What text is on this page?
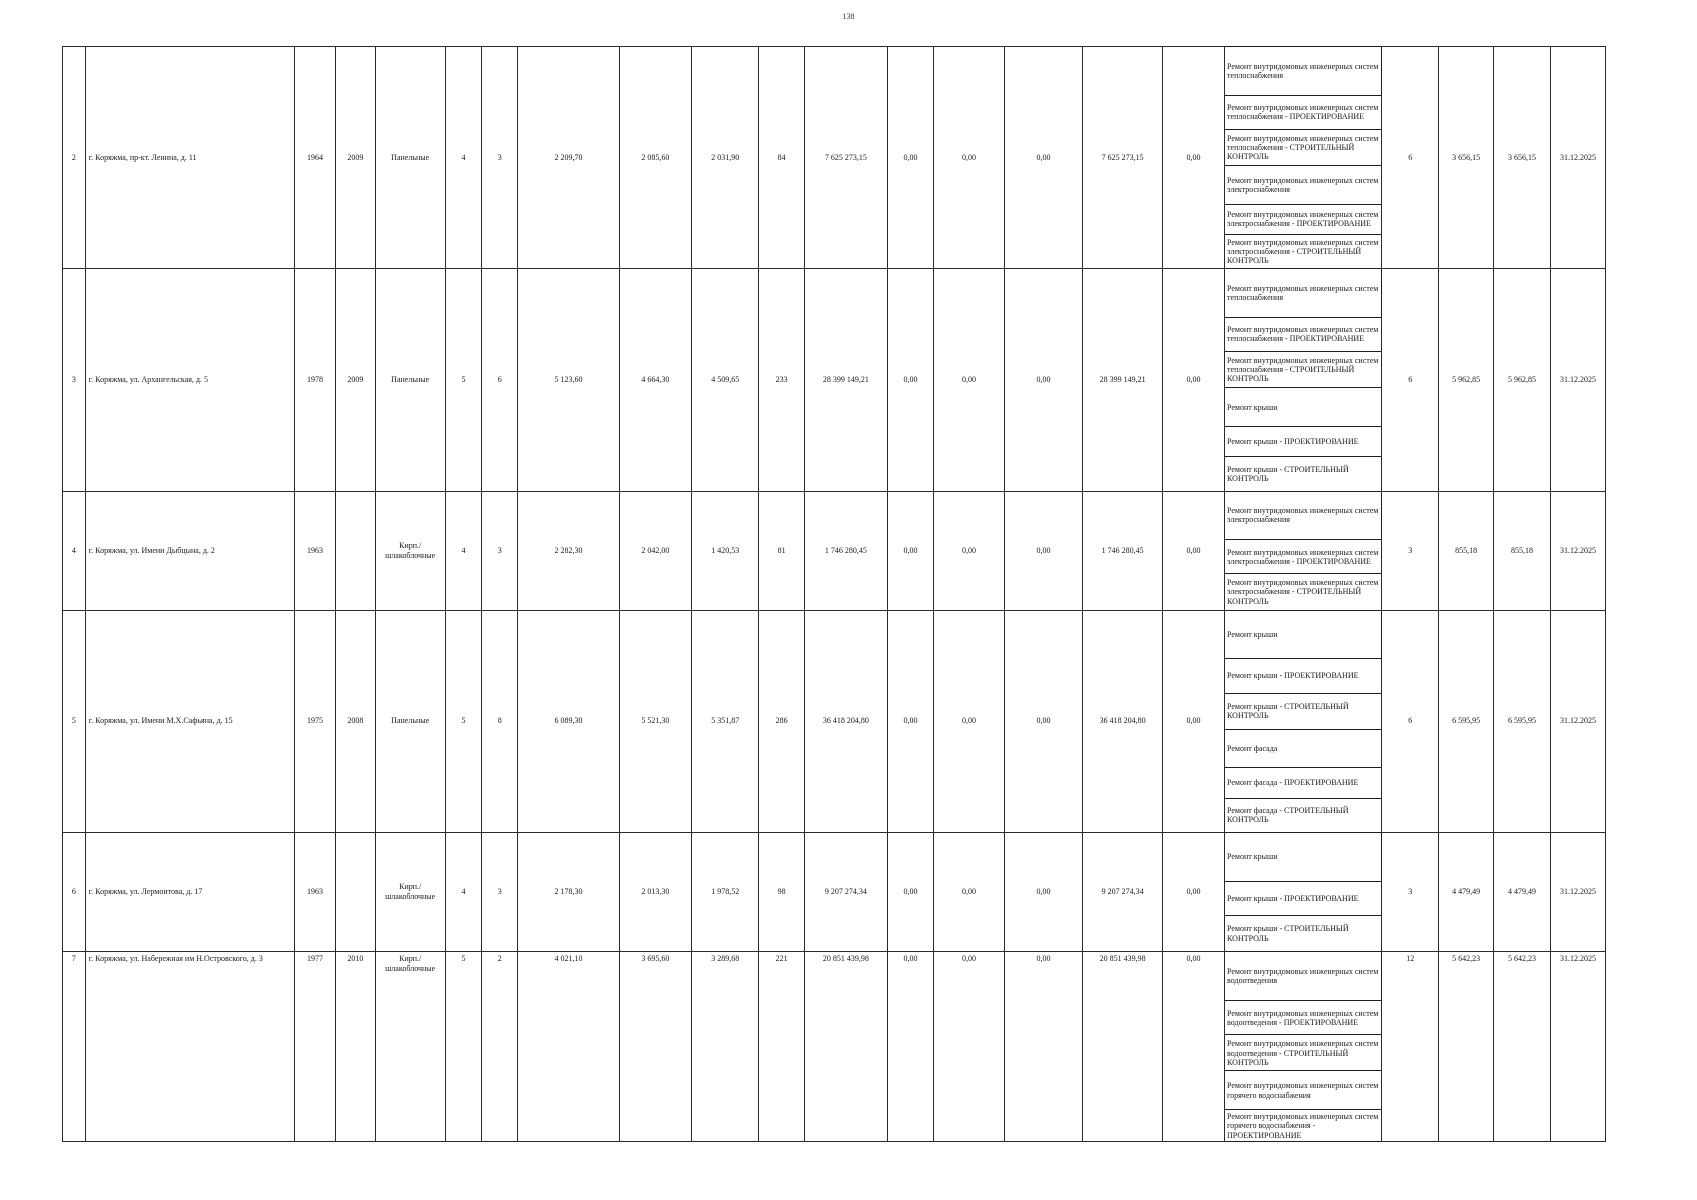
138
2	г. Коряжма, пр-кт. Ленина, д. 11	1964	2009	Панельные	4	3	2 209,70	2 085,60	2 031,90	84	7 625 273,15	0,00	0,00	0,00	7 625 273,15	0,00	Ремонт внутридомовых инженерных систем теплоснабжения	6	3 656,15	3 656,15	31.12.2025
																	Ремонт внутридомовых инженерных систем теплоснабжения - ПРОЕКТИРОВАНИЕ				
																	Ремонт внутридомовых инженерных систем теплоснабжения - СТРОИТЕЛЬНЫЙ КОНТРОЛЬ				
																	Ремонт внутридомовых инженерных систем электроснабжения				
																	Ремонт внутридомовых инженерных систем электроснабжения - ПРОЕКТИРОВАНИЕ				
																	Ремонт внутридомовых инженерных систем электроснабжения - СТРОИТЕЛЬНЫЙ КОНТРОЛЬ				
3	г. Коряжма, ул. Архангельская, д. 5	1978	2009	Панельные	5	6	5 123,60	4 664,30	4 509,65	233	28 399 149,21	0,00	0,00	0,00	28 399 149,21	0,00	Ремонт внутридомовых инженерных систем теплоснабжения	6	5 962,85	5 962,85	31.12.2025
																	Ремонт внутридомовых инженерных систем теплоснабжения - ПРОЕКТИРОВАНИЕ				
																	Ремонт внутридомовых инженерных систем теплоснабжения - СТРОИТЕЛЬНЫЙ КОНТРОЛЬ				
																	Ремонт крыши				
																	Ремонт крыши - ПРОЕКТИРОВАНИЕ				
																	Ремонт крыши - СТРОИТЕЛЬНЫЙ КОНТРОЛЬ				
4	г. Коряжма, ул. Имени Дыбцына, д. 2	1963		Кирп./ шлакоблочные	4	3	2 282,30	2 042,00	1 420,53	81	1 746 280,45	0,00	0,00	0,00	1 746 280,45	0,00	Ремонт внутридомовых инженерных систем электроснабжения	3	855,18	855,18	31.12.2025
																	Ремонт внутридомовых инженерных систем электроснабжения - ПРОЕКТИРОВАНИЕ				
																	Ремонт внутридомовых инженерных систем электроснабжения - СТРОИТЕЛЬНЫЙ КОНТРОЛЬ				
5	г. Коряжма, ул. Имени М.Х.Сафьяна, д. 15	1975	2008	Панельные	5	8	6 089,30	5 521,30	5 351,87	286	36 418 204,80	0,00	0,00	0,00	36 418 204,80	0,00	Ремонт крыши	6	6 595,95	6 595,95	31.12.2025
																	Ремонт крыши - ПРОЕКТИРОВАНИЕ				
																	Ремонт крыши - СТРОИТЕЛЬНЫЙ КОНТРОЛЬ				
																	Ремонт фасада				
																	Ремонт фасада - ПРОЕКТИРОВАНИЕ				
																	Ремонт фасада - СТРОИТЕЛЬНЫЙ КОНТРОЛЬ				
6	г. Коряжма, ул. Лермонтова, д. 17	1963		Кирп./ шлакоблочные	4	3	2 178,30	2 013,30	1 978,52	98	9 207 274,34	0,00	0,00	0,00	9 207 274,34	0,00	Ремонт крыши	3	4 479,49	4 479,49	31.12.2025
																	Ремонт крыши - ПРОЕКТИРОВАНИЕ				
																	Ремонт крыши - СТРОИТЕЛЬНЫЙ КОНТРОЛЬ				
7	г. Коряжма, ул. Набережная им Н.Островского, д. 3	1977	2010	Кирп./ шлакоблочные	5	2	4 021,10	3 695,60	3 289,68	221	20 851 439,98	0,00	0,00	0,00	20 851 439,98	0,00	Ремонт внутридомовых инженерных систем водоотведения	12	5 642,23	5 642,23	31.12.2025
																	Ремонт внутридомовых инженерных систем водоотведения - ПРОЕКТИРОВАНИЕ				
																	Ремонт внутридомовых инженерных систем водоотведения - СТРОИТЕЛЬНЫЙ КОНТРОЛЬ				
																	Ремонт внутридомовых инженерных систем горячего водоснабжения				
																	Ремонт внутридомовых инженерных систем горячего водоснабжения - ПРОЕКТИРОВАНИЕ				
